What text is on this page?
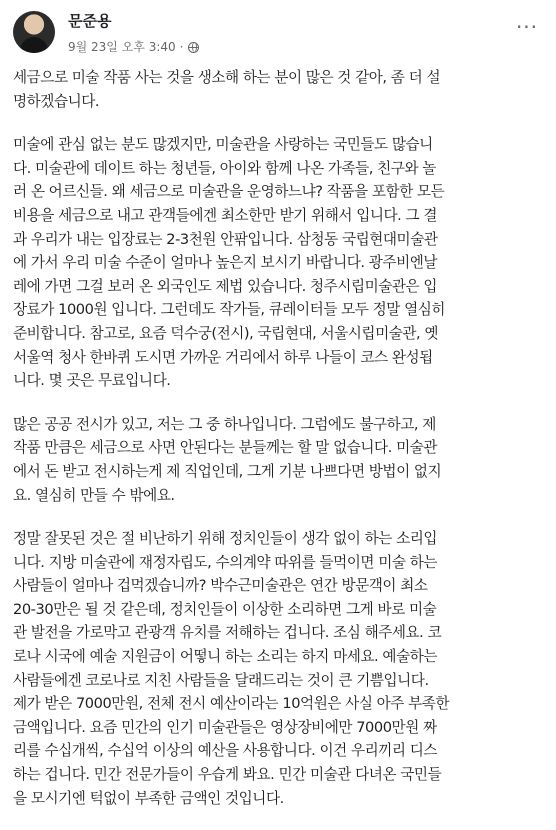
문준용
9월 23일 오후 3:40 ·
···

세금으로 미술 작품 사는 것을 생소해 하는 분이 많은 것 같아, 좀 더 설
명하겠습니다.

미술에 관심 없는 분도 많겠지만, 미술관을 사랑하는 국민들도 많습니
다. 미술관에 데이트 하는 청년들, 아이와 함께 나온 가족들, 친구와 놀
러 온 어르신들. 왜 세금으로 미술관을 운영하느냐? 작품을 포함한 모든
비용을 세금으로 내고 관객들에겐 최소한만 받기 위해서 입니다. 그 결
과 우리가 내는 입장료는 2-3천원 안팎입니다. 삼청동 국립현대미술관
에 가서 우리 미술 수준이 얼마나 높은지 보시기 바랍니다. 광주비엔날
레에 가면 그걸 보러 온 외국인도 제법 있습니다. 청주시립미술관은 입
장료가 1000원 입니다. 그런데도 작가들, 큐레이터들 모두 정말 열심히
준비합니다. 참고로, 요즘 덕수궁(전시), 국립현대, 서울시립미술관, 옛
서울역 청사 한바퀴 도시면 가까운 거리에서 하루 나들이 코스 완성됩
니다. 몇 곳은 무료입니다.

많은 공공 전시가 있고, 저는 그 중 하나입니다. 그럼에도 불구하고, 제
작품 만큼은 세금으로 사면 안된다는 분들께는 할 말 없습니다. 미술관
에서 돈 받고 전시하는게 제 직업인데, 그게 기분 나쁘다면 방법이 없지
요. 열심히 만들 수 밖에요.

정말 잘못된 것은 절 비난하기 위해 정치인들이 생각 없이 하는 소리입
니다. 지방 미술관에 재정자립도, 수의계약 따위를 들먹이면 미술 하는
사람들이 얼마나 겁먹겠습니까? 박수근미술관은 연간 방문객이 최소
20-30만은 될 것 같은데, 정치인들이 이상한 소리하면 그게 바로 미술
관 발전을 가로막고 관광객 유치를 저해하는 겁니다. 조심 해주세요. 코
로나 시국에 예술 지원금이 어떻니 하는 소리는 하지 마세요. 예술하는
사람들에겐 코로나로 지친 사람들을 달래드리는 것이 큰 기쁨입니다.
제가 받은 7000만원, 전체 전시 예산이라는 10억원은 사실 아주 부족한
금액입니다. 요즘 민간의 인기 미술관들은 영상장비에만 7000만원 짜
리를 수십개씩, 수십억 이상의 예산을 사용합니다. 이건 우리끼리 디스
하는 겁니다. 민간 전문가들이 우습게 봐요. 민간 미술관 다녀온 국민들
을 모시기엔 턱없이 부족한 금액인 것입니다.
